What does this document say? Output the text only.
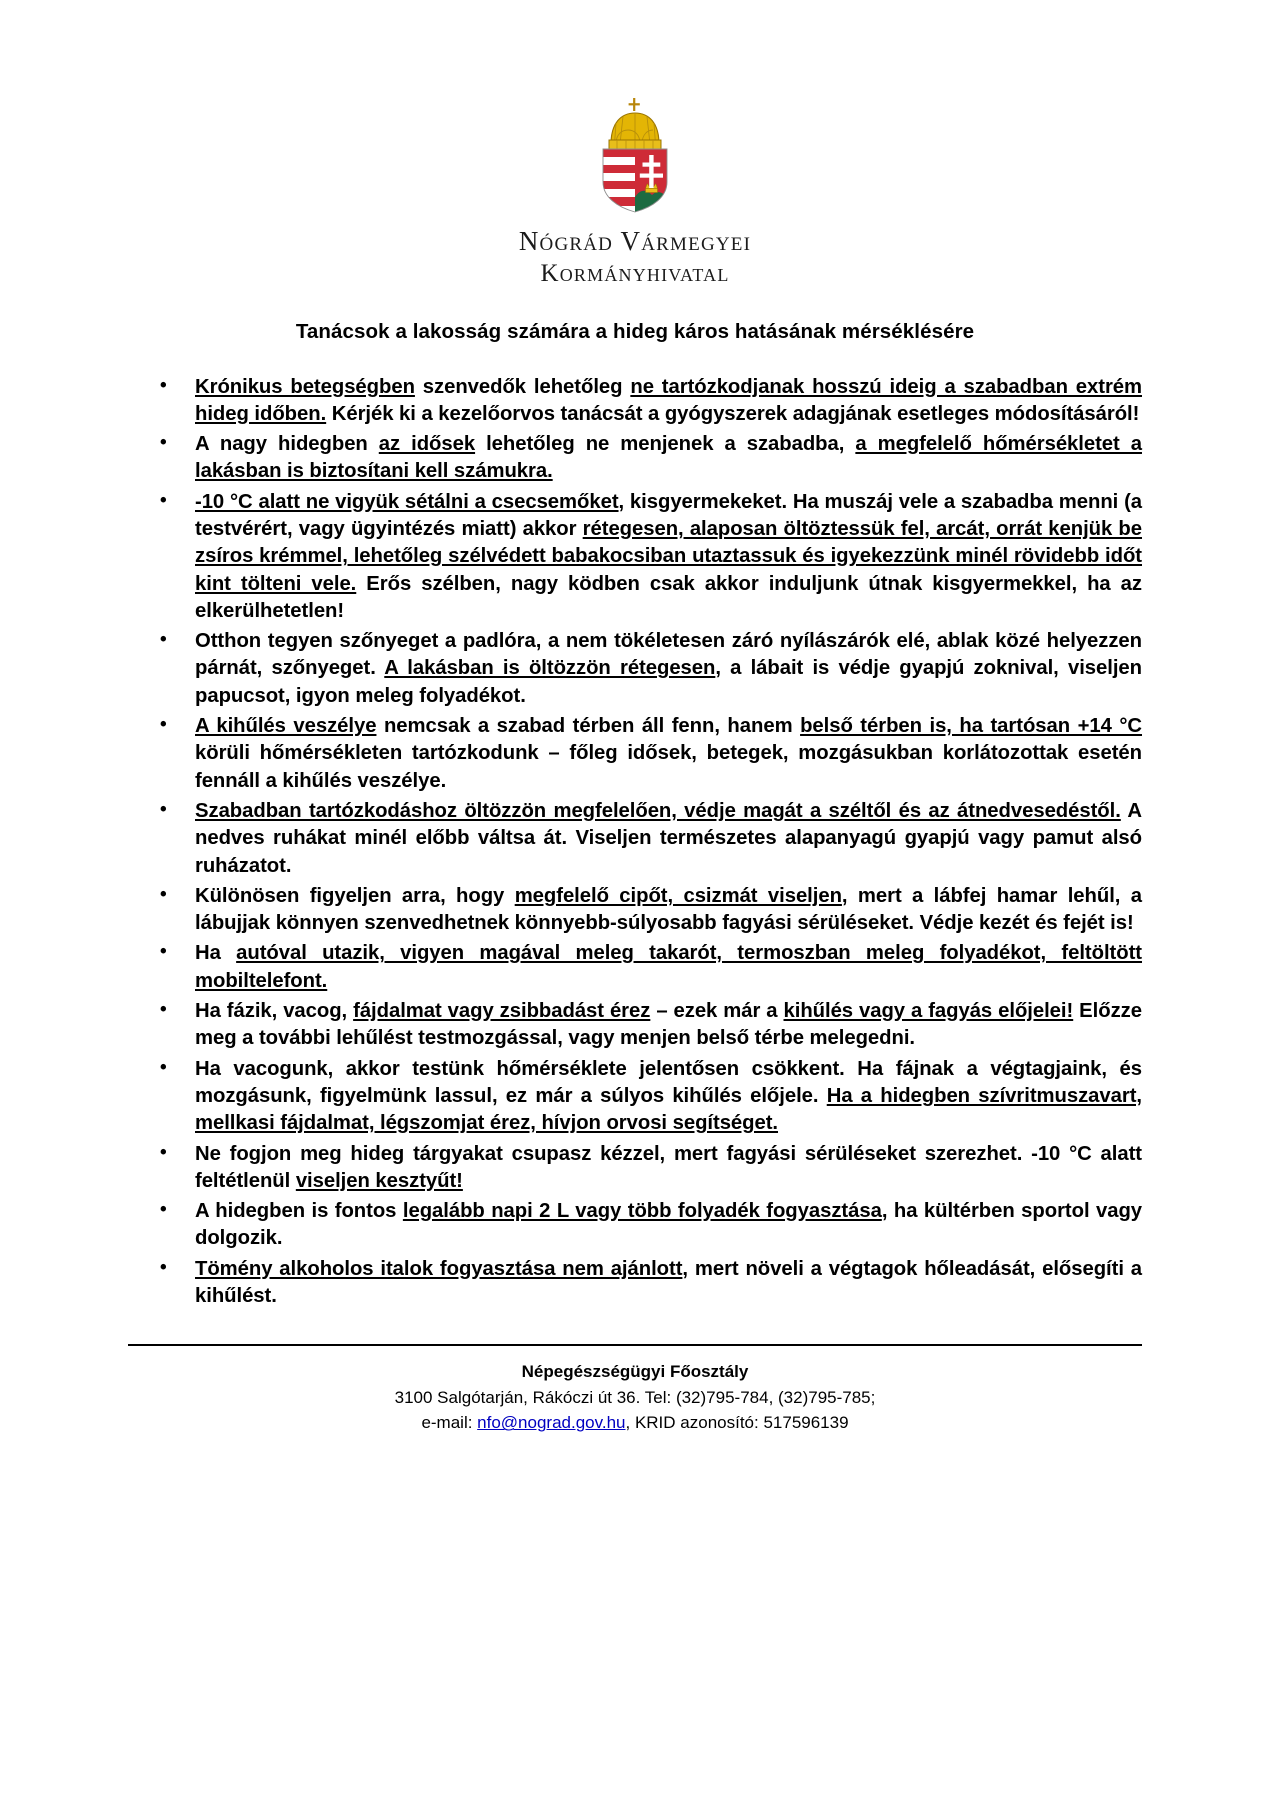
Nógrád Vármegyei
Kormányhivatal
Tanácsok a lakosság számára a hideg káros hatásának mérséklésére
• Krónikus betegségben szenvedők lehetőleg ne tartózkodjanak hosszú ideig a szabadban extrém hideg időben. Kérjék ki a kezelőorvos tanácsát a gyógyszerek adagjának esetleges módosításáról!
• A nagy hidegben az idősek lehetőleg ne menjenek a szabadba, a megfelelő hőmérsékletet a lakásban is biztosítani kell számukra.
• -10 °C alatt ne vigyük sétálni a csecsemőket, kisgyermekeket. Ha muszáj vele a szabadba menni (a testvérért, vagy ügyintézés miatt) akkor rétegesen, alaposan öltöztessük fel, arcát, orrát kenjük be zsíros krémmel, lehetőleg szélvédett babakocsiban utaztassuk és igyekezzünk minél rövidebb időt kint tölteni vele. Erős szélben, nagy ködben csak akkor induljunk útnak kisgyermekkel, ha az elkerülhetetlen!
• Otthon tegyen szőnyeget a padlóra, a nem tökéletesen záró nyílászárók elé, ablak közé helyezzen párnát, szőnyeget. A lakásban is öltözzön rétegesen, a lábait is védje gyapjú zoknival, viseljen papucsot, igyon meleg folyadékot.
• A kihűlés veszélye nemcsak a szabad térben áll fenn, hanem belső térben is, ha tartósan +14 °C körüli hőmérsékleten tartózkodunk – főleg idősek, betegek, mozgásukban korlátozottak esetén fennáll a kihűlés veszélye.
• Szabadban tartózkodáshoz öltözzön megfelelően, védje magát a széltől és az átnedvesedéstől. A nedves ruhákat minél előbb váltsa át. Viseljen természetes alapanyagú gyapjú vagy pamut alsó ruházatot.
• Különösen figyeljen arra, hogy megfelelő cipőt, csizmát viseljen, mert a lábfej hamar lehűl, a lábujjak könnyen szenvedhetnek könnyebb-súlyosabb fagyási sérüléseket. Védje kezét és fejét is!
• Ha autóval utazik, vigyen magával meleg takarót, termoszban meleg folyadékot, feltöltött mobiltelefont.
• Ha fázik, vacog, fájdalmat vagy zsibbadást érez – ezek már a kihűlés vagy a fagyás előjelei! Előzze meg a további lehűlést testmozgással, vagy menjen belső térbe melegedni.
• Ha vacogunk, akkor testünk hőmérséklete jelentősen csökkent. Ha fájnak a végtagjaink, és mozgásunk, figyelmünk lassul, ez már a súlyos kihűlés előjele. Ha a hidegben szívritmuszavart, mellkasi fájdalmat, légszomjat érez, hívjon orvosi segítséget.
• Ne fogjon meg hideg tárgyakat csupasz kézzel, mert fagyási sérüléseket szerezhet. -10 °C alatt feltétlenül viseljen kesztyűt!
• A hidegben is fontos legalább napi 2 L vagy több folyadék fogyasztása, ha kültérben sportol vagy dolgozik.
• Tömény alkoholos italok fogyasztása nem ajánlott, mert növeli a végtagok hőleadását, elősegíti a kihűlést.
Népegészségügyi Főosztály
3100 Salgótarján, Rákóczi út 36. Tel: (32)795-784, (32)795-785;
e-mail: nfo@nograd.gov.hu, KRID azonosító: 517596139
